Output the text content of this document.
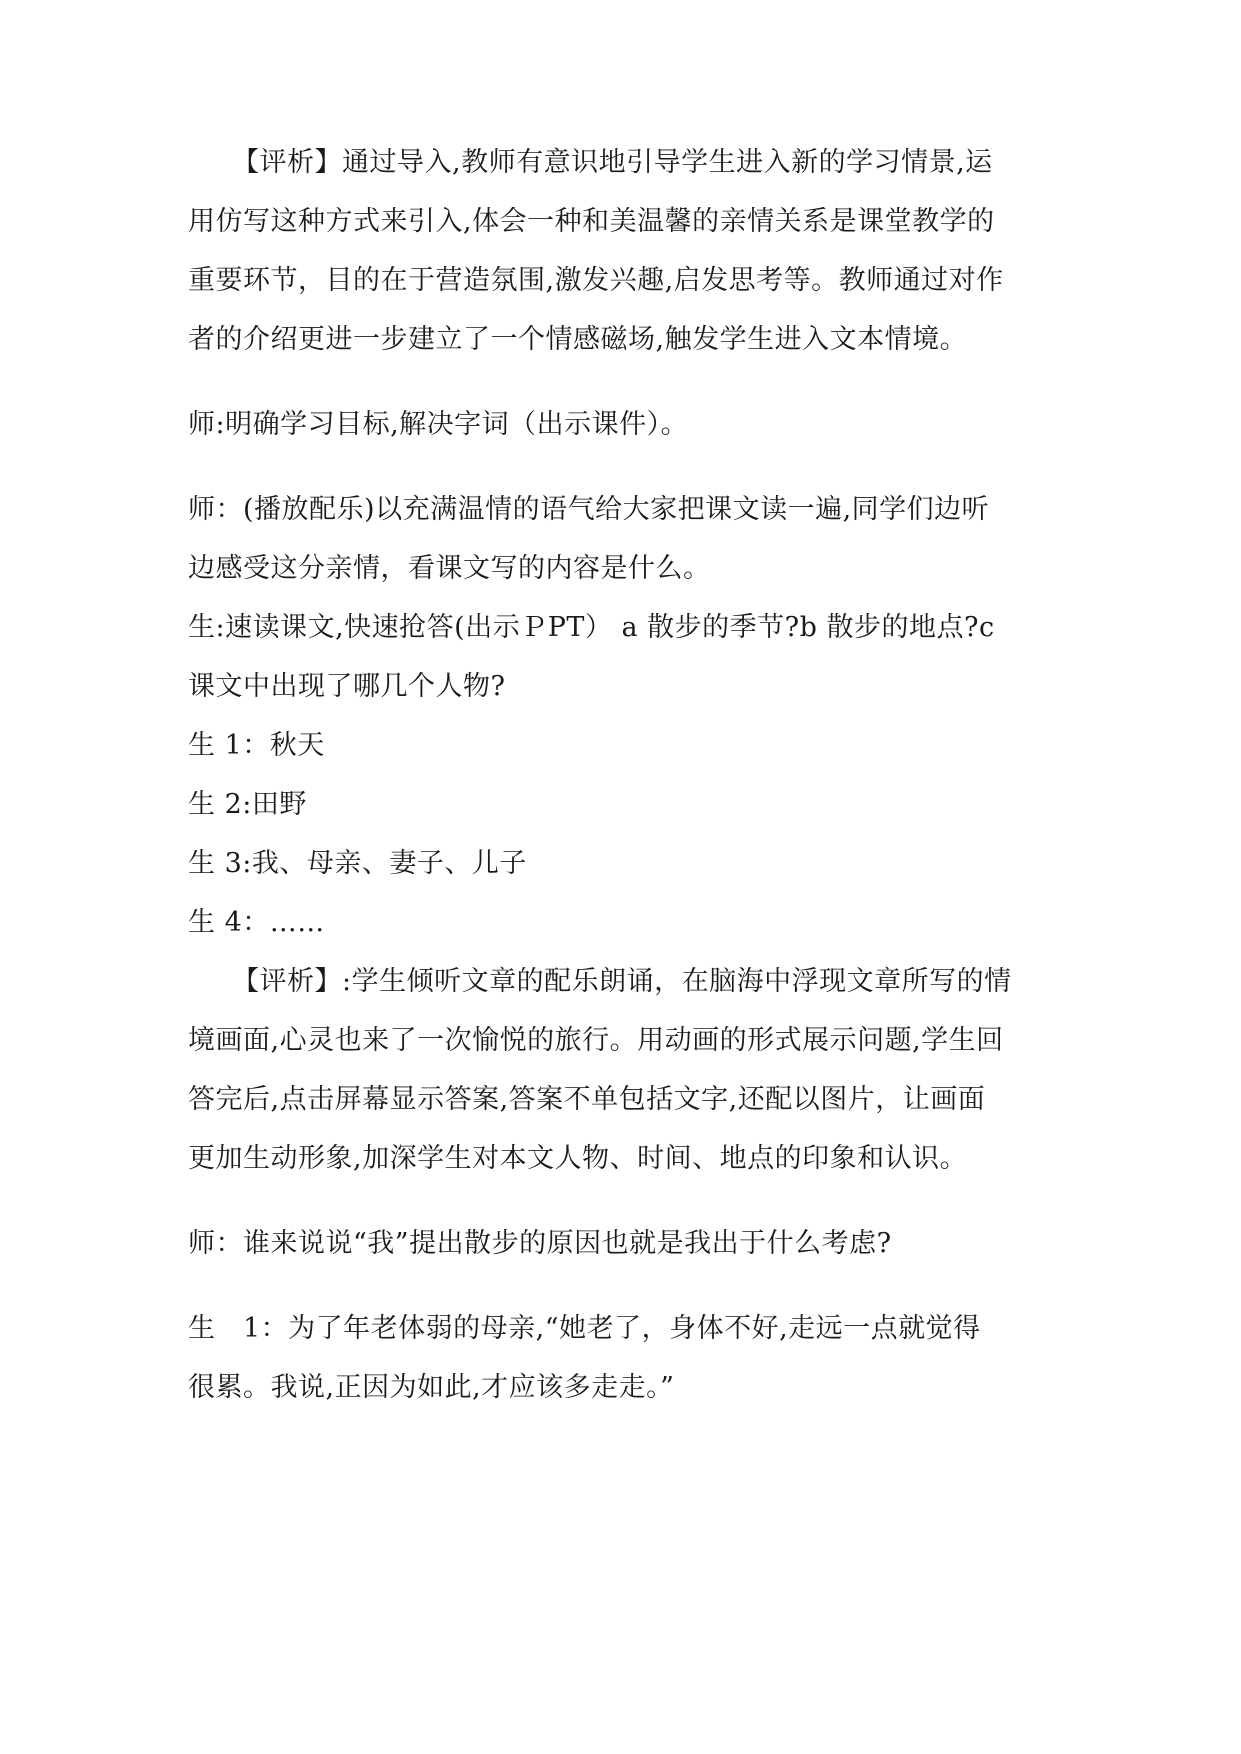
【评析】通过导入,教师有意识地引导学生进入新的学习情景,运
用仿写这种方式来引入,体会一种和美温馨的亲情关系是课堂教学的
重要环节，目的在于营造氛围,激发兴趣,启发思考等。教师通过对作
者的介绍更进一步建立了一个情感磁场,触发学生进入文本情境。
师:明确学习目标,解决字词（出示课件）。
师：(播放配乐)以充满温情的语气给大家把课文读一遍,同学们边听
边感受这分亲情，看课文写的内容是什么。
生:速读课文,快速抢答(出示ＰPT） a 散步的季节?b 散步的地点?c
课文中出现了哪几个人物?
生 1：秋天
生 2:田野
生 3:我、母亲、妻子、儿子
生 4：……
【评析】:学生倾听文章的配乐朗诵，在脑海中浮现文章所写的情
境画面,心灵也来了一次愉悦的旅行。用动画的形式展示问题,学生回
答完后,点击屏幕显示答案,答案不单包括文字,还配以图片，让画面
更加生动形象,加深学生对本文人物、时间、地点的印象和认识。
师：谁来说说“我”提出散步的原因也就是我出于什么考虑?
生　1：为了年老体弱的母亲,“她老了，身体不好,走远一点就觉得
很累。我说,正因为如此,才应该多走走。”
